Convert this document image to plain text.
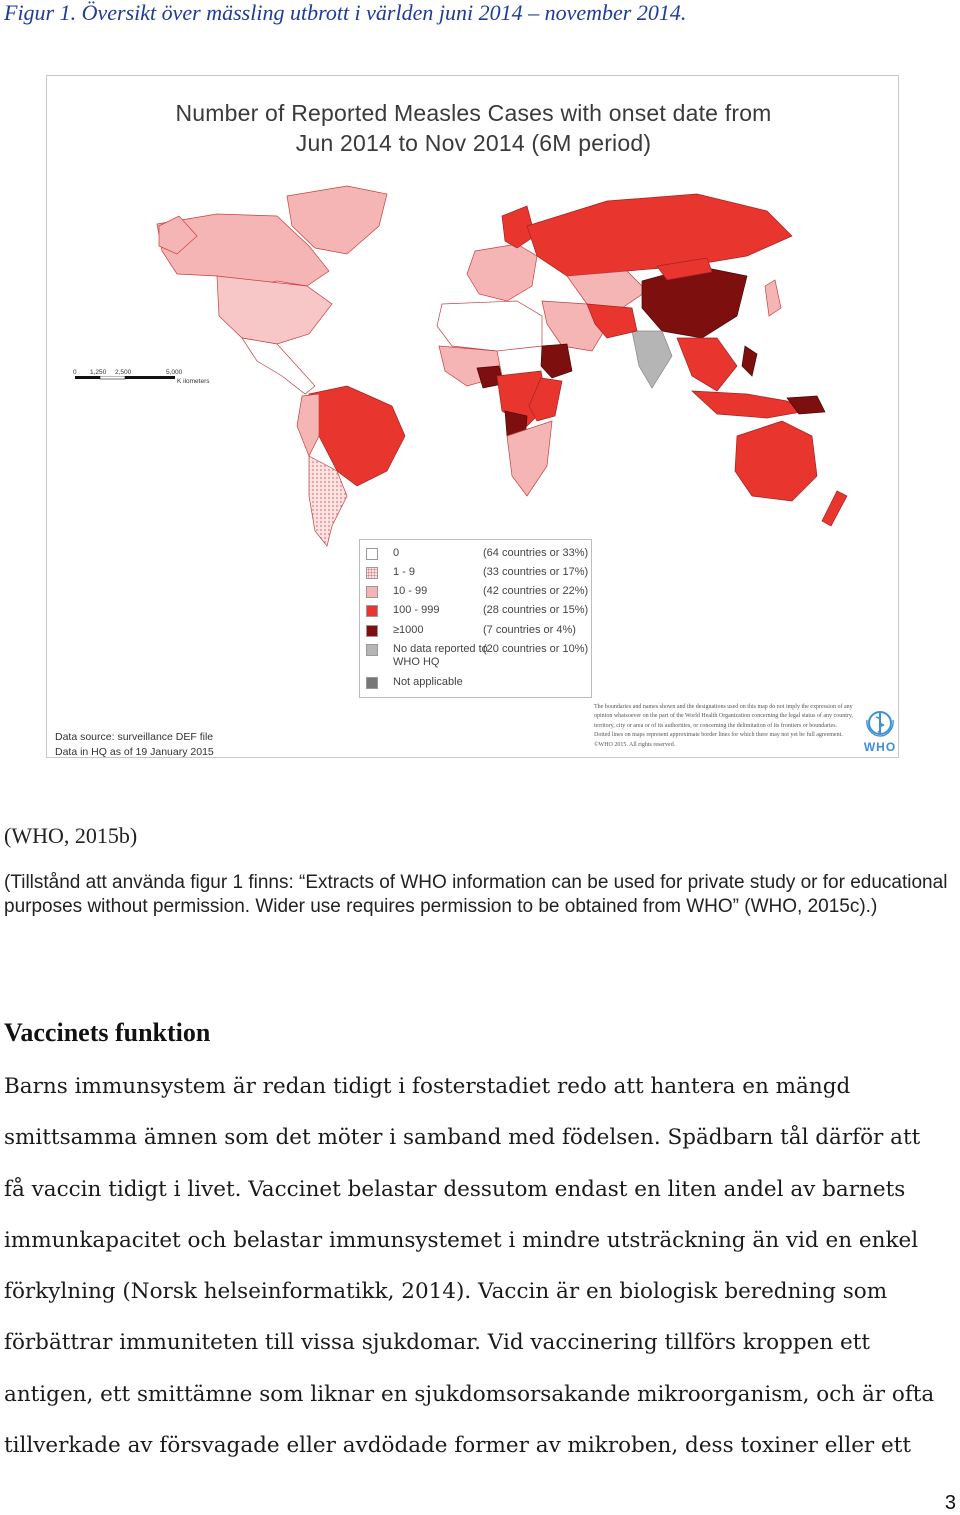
Figur 1. Översikt över mässling utbrott i världen juni 2014 – november 2014.
Number of Reported Measles Cases with onset date from
Jun 2014 to Nov 2014 (6M period)
0 1,250 2,500	5,000
K ilometers
0	(64 countries or 33%)
1 - 9	(33 countries or 17%)
10 - 99	(42 countries or 22%)
100 - 999	(28 countries or 15%)
≥1000	(7 countries or 4%)
No data reported to WHO HQ
(20 countries or 10%)
Not applicable
Data source: surveillance DEF file
Data in HQ as of 19 January 2015
The boundaries and names shown and the designations used on this map do not imply the expression of any opinion whatsoever on the part of the World Health Organization concerning the legal status of any country, territory, city or area or of its authorities, or concerning the delimitation of its frontiers or boundaries. Dotted lines on maps represent approximate border lines for which there may not yet be full agreement. ©WHO 2015. All rights reserved.	WHO
(WHO, 2015b)
(Tillstånd att använda figur 1 finns: “Extracts of WHO information can be used for private study or for educational purposes without permission. Wider use requires permission to be obtained from WHO” (WHO, 2015c).)
Vaccinets funktion
Barns immunsystem är redan tidigt i fosterstadiet redo att hantera en mängd
smittsamma ämnen som det möter i samband med födelsen. Spädbarn tål därför att
få vaccin tidigt i livet. Vaccinet belastar dessutom endast en liten andel av barnets
immunkapacitet och belastar immunsystemet i mindre utsträckning än vid en enkel
förkylning (Norsk helseinformatikk, 2014). Vaccin är en biologisk beredning som
förbättrar immuniteten till vissa sjukdomar. Vid vaccinering tillförs kroppen ett
antigen, ett smittämne som liknar en sjukdomsorsakande mikroorganism, och är ofta
tillverkade av försvagade eller avdödade former av mikroben, dess toxiner eller ett
3
